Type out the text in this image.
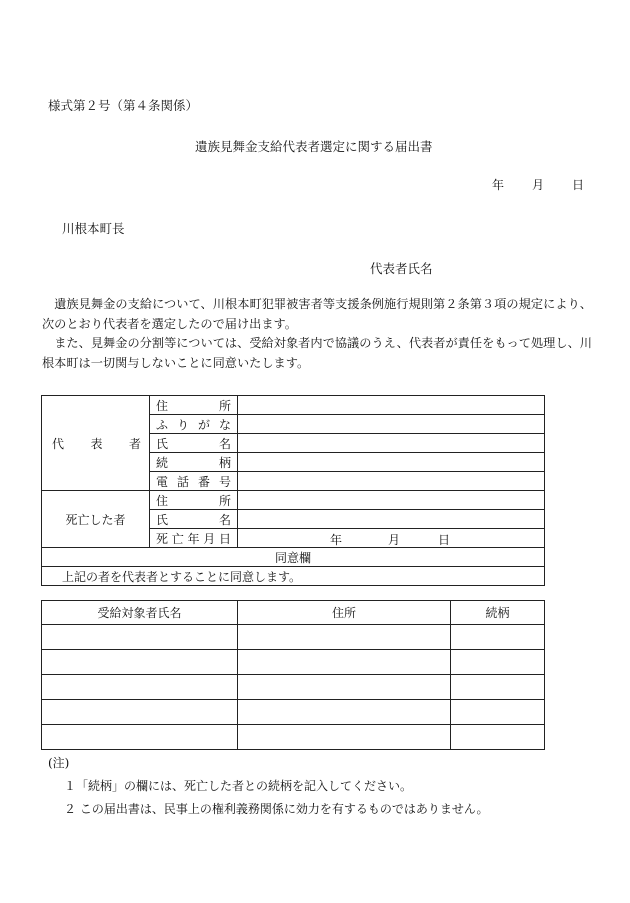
様式第２号（第４条関係）
遺族見舞金支給代表者選定に関する届出書
年 月 日
川根本町長
代表者氏名

遺族見舞金の支給について、川根本町犯罪被害者等支援条例施行規則第２条第３項の規定により、次のとおり代表者を選定したので届け出ます。

また、見舞金の分割等については、受給対象者内で協議のうえ、代表者が責任をもって処理し、川根本町は一切関与しないことに同意いたします。

代 表 者	住 所	

	ふ り が な	

	氏 名	

	続 柄	

	電 話 番 号	

死亡した者	住 所	

	氏 名	

	死 亡 年 月 日	年 月 日

同意欄		
上記の者を代表者とすることに同意します。		
受給対象者氏名	住所	続柄

(注)
１「続柄」の欄には、死亡した者との続柄を記入してください。
２ この届出書は、民事上の権利義務関係に効力を有するものではありません。
